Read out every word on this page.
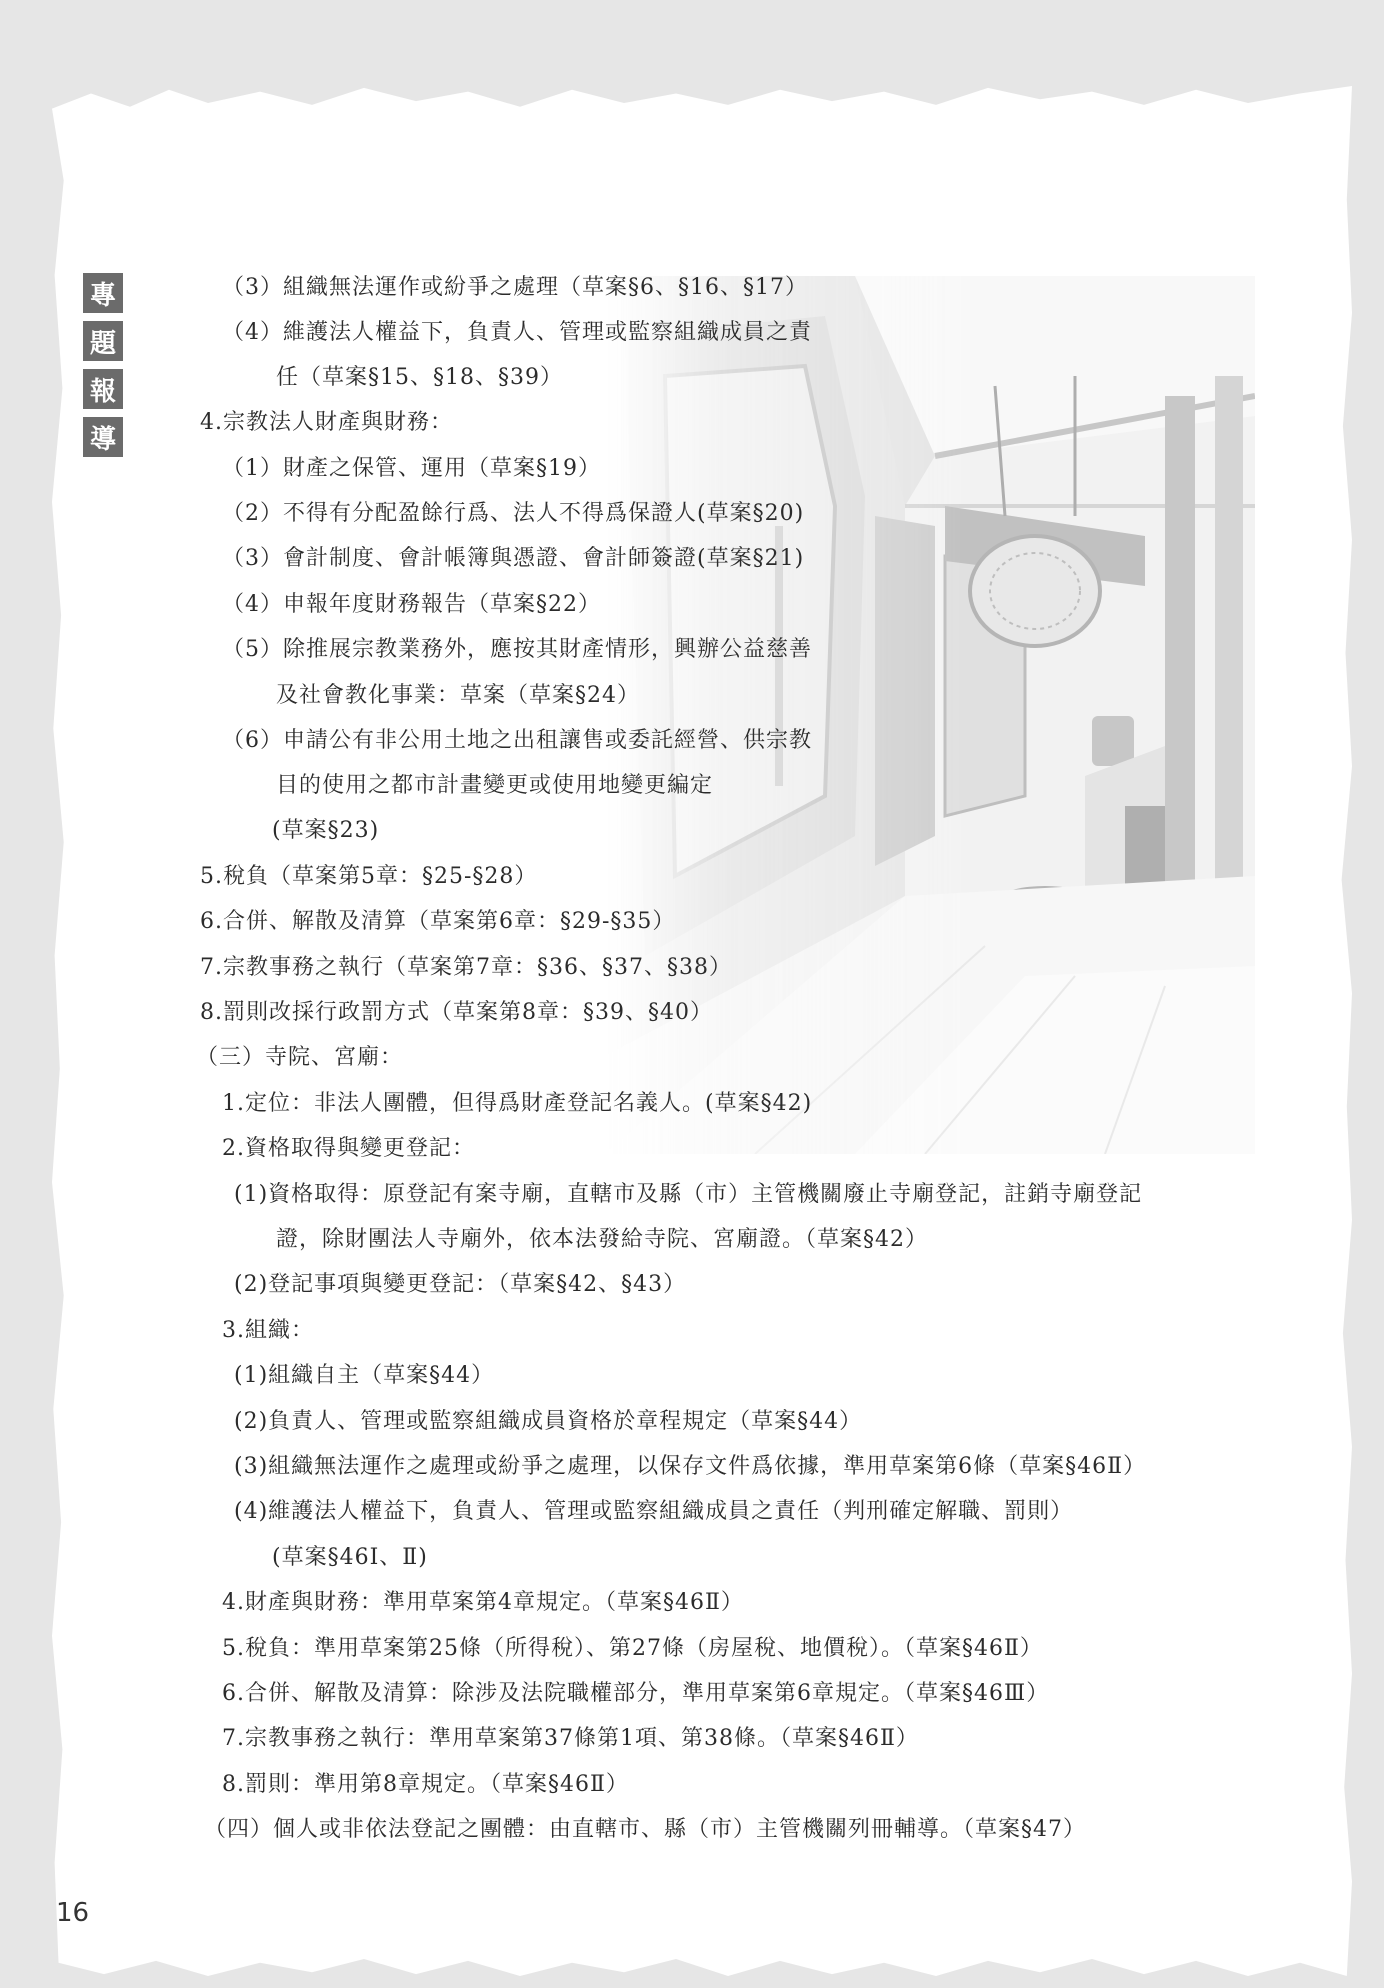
專
題
報
導
（3）組織無法運作或紛爭之處理（草案§6、§16、§17）
（4）維護法人權益下，負責人、管理或監察組織成員之責
任（草案§15、§18、§39）
4.宗教法人財產與財務：
（1）財產之保管、運用（草案§19）
（2）不得有分配盈餘行爲、法人不得爲保證人(草案§20)
（3）會計制度、會計帳簿與憑證、會計師簽證(草案§21)
（4）申報年度財務報告（草案§22）
（5）除推展宗教業務外，應按其財產情形，興辦公益慈善
及社會教化事業：草案（草案§24）
（6）申請公有非公用土地之出租讓售或委託經營、供宗教
目的使用之都市計畫變更或使用地變更編定
(草案§23)
5.稅負（草案第5章：§25-§28）
6.合併、解散及清算（草案第6章：§29-§35）
7.宗教事務之執行（草案第7章：§36、§37、§38）
8.罰則改採行政罰方式（草案第8章：§39、§40）
（三）寺院、宮廟：
1.定位：非法人團體，但得爲財產登記名義人。(草案§42)
2.資格取得與變更登記：
(1)資格取得：原登記有案寺廟，直轄市及縣（市）主管機關廢止寺廟登記，註銷寺廟登記
證，除財團法人寺廟外，依本法發給寺院、宮廟證。（草案§42）
(2)登記事項與變更登記：（草案§42、§43）
3.組織：
(1)組織自主（草案§44）
(2)負責人、管理或監察組織成員資格於章程規定（草案§44）
(3)組織無法運作之處理或紛爭之處理，以保存文件爲依據，準用草案第6條（草案§46Ⅱ）
(4)維護法人權益下，負責人、管理或監察組織成員之責任（判刑確定解職、罰則）
(草案§46Ⅰ、Ⅱ)
4.財產與財務：準用草案第4章規定。（草案§46Ⅱ）
5.稅負：準用草案第25條（所得稅）、第27條（房屋稅、地價稅）。（草案§46Ⅱ）
6.合併、解散及清算：除涉及法院職權部分，準用草案第6章規定。（草案§46Ⅲ）
7.宗教事務之執行：準用草案第37條第1項、第38條。（草案§46Ⅱ）
8.罰則：準用第8章規定。（草案§46Ⅱ）
（四）個人或非依法登記之團體：由直轄市、縣（市）主管機關列冊輔導。（草案§47）
16
